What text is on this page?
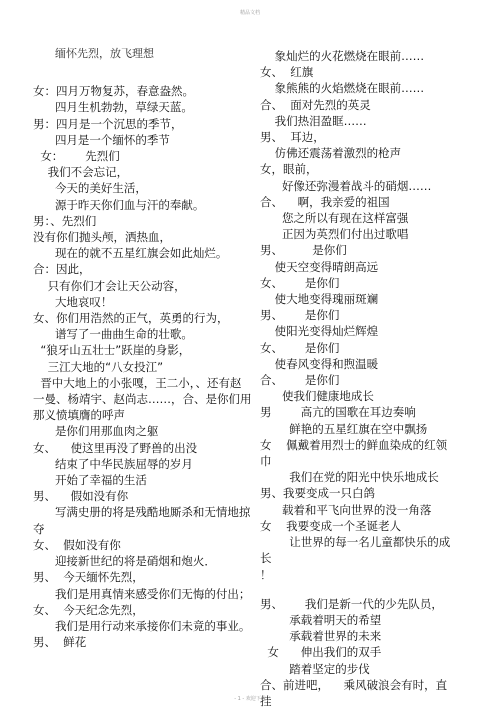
精品文档
缅怀先烈，放飞理想
女：四月万物复苏，春意盎然。
四月生机勃勃，草绿天蓝。
男：四月是一个沉思的季节，
四月是一个缅怀的季节
女：      先烈们
我们不会忘记，
今天的美好生活，
源于昨天你们血与汗的奉献。
男：、先烈们
没有你们抛头颅，洒热血，
现在的就不五星红旗会如此灿烂。
合：因此，
只有你们才会让天公动容，
大地哀叹！
女、你们用浩然的正气，英勇的行为，
谱写了一曲曲生命的壮歌。
“狼牙山五壮士”跃崖的身影，
三江大地的“八女投江”
晋中大地上的小张嘎，王二小，、还有赵一曼、杨靖宇、赵尚志……，合、是你们用那义愤填膺的呼声
是你们用那血肉之躯
女、    使这里再没了野兽的出没
结束了中华民族屈辱的岁月
开始了幸福的生活
男、    假如没有你
写满史册的将是残酷地厮杀和无情地掠夺
女、  假如没有你
迎接新世纪的将是硝烟和炮火．
男、  今天缅怀先烈，
我们是用真情来感受你们无悔的付出；
女、  今天纪念先烈，
我们是用行动来承接你们未竟的事业。
男、  鲜花
象灿烂的火花燃烧在眼前……
女、  红旗
象熊熊的火焰燃烧在眼前……
合、  面对先烈的英灵
我们热泪盈眶……
男、  耳边，
仿佛还震荡着激烈的枪声
女，眼前，
好像还弥漫着战斗的硝烟……
合、    啊，我亲爱的祖国
您之所以有现在这样富强
正因为英烈们付出过歌唱
男、        是你们
使天空变得晴朗高远
女、      是你们
使大地变得瑰丽斑斓
男、      是你们
使阳光变得灿烂辉煌
女、      是你们
使春风变得和煦温暖
合、      是你们
使我们健康地成长
男        高亢的国歌在耳边奏响
鲜艳的五星红旗在空中飘扬
女    佩戴着用烈士的鲜血染成的红领巾
我们在党的阳光中快乐地成长
男、我要变成一只白鸽
载着和平飞向世界的没一角落
女    我要变成一个圣诞老人
让世界的每一名儿童都快乐的成长
！
男、      我们是新一代的少先队员，
承载着明天的希望
承载着世界的未来
女      伸出我们的双手
踏着坚定的步伐
合、前进吧，    乘风破浪会有时，直挂
- 1 - 欢迎下载
